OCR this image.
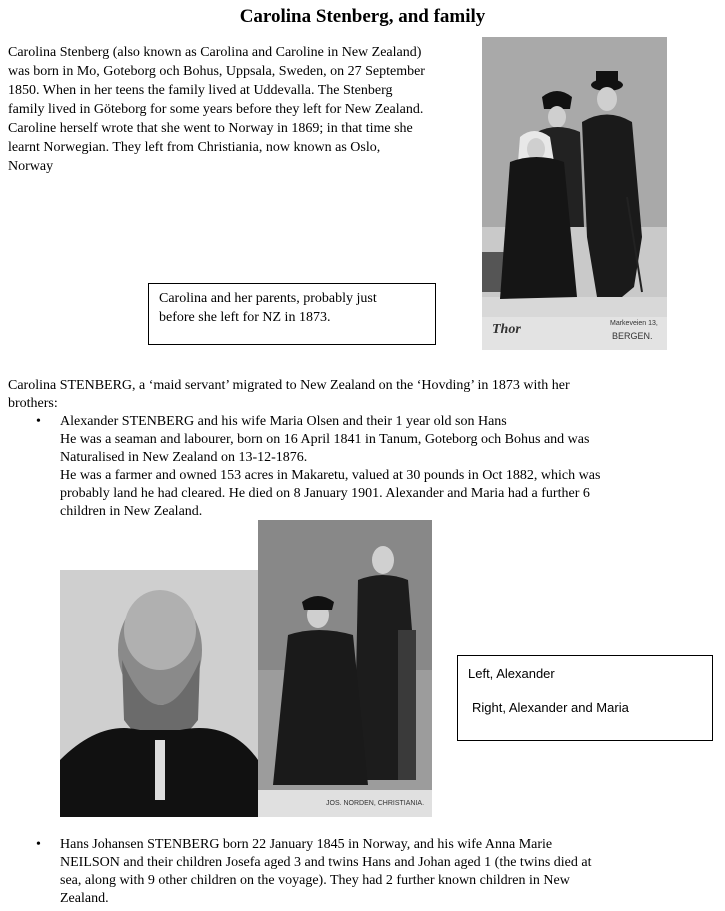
Carolina Stenberg, and family
Carolina Stenberg (also known as Carolina and Caroline in New Zealand)
was born in Mo, Goteborg och Bohus, Uppsala, Sweden, on 27 September
1850. When in her teens the family lived at Uddevalla. The Stenberg
family lived in Göteborg for some years before they left for New Zealand.
Caroline herself wrote that she went to Norway in 1869; in that time she
learnt Norwegian. They left from Christiania, now known as Oslo,
Norway
Thor	Markeveien 13,
BERGEN.
Carolina and her parents, probably just
before she left for NZ in 1873.
Carolina STENBERG, a ‘maid servant’ migrated to New Zealand on the ‘Hovding’ in 1873 with her
brothers:
• Alexander STENBERG and his wife Maria Olsen and their 1 year old son Hans
He was a seaman and labourer, born on 16 April 1841 in Tanum, Goteborg och Bohus and was
Naturalised in New Zealand on 13-12-1876.
He was a farmer and owned 153 acres in Makaretu, valued at 30 pounds in Oct 1882, which was
probably land he had cleared. He died on 8 January 1901. Alexander and Maria had a further 6
children in New Zealand.
JOS. NORDEN, CHRISTIANIA.
Left, Alexander
Right, Alexander and Maria
• Hans Johansen STENBERG born 22 January 1845 in Norway, and his wife Anna Marie
NEILSON and their children Josefa aged 3 and twins Hans and Johan aged 1 (the twins died at
sea, along with 9 other children on the voyage). They had 2 further known children in New
Zealand.
